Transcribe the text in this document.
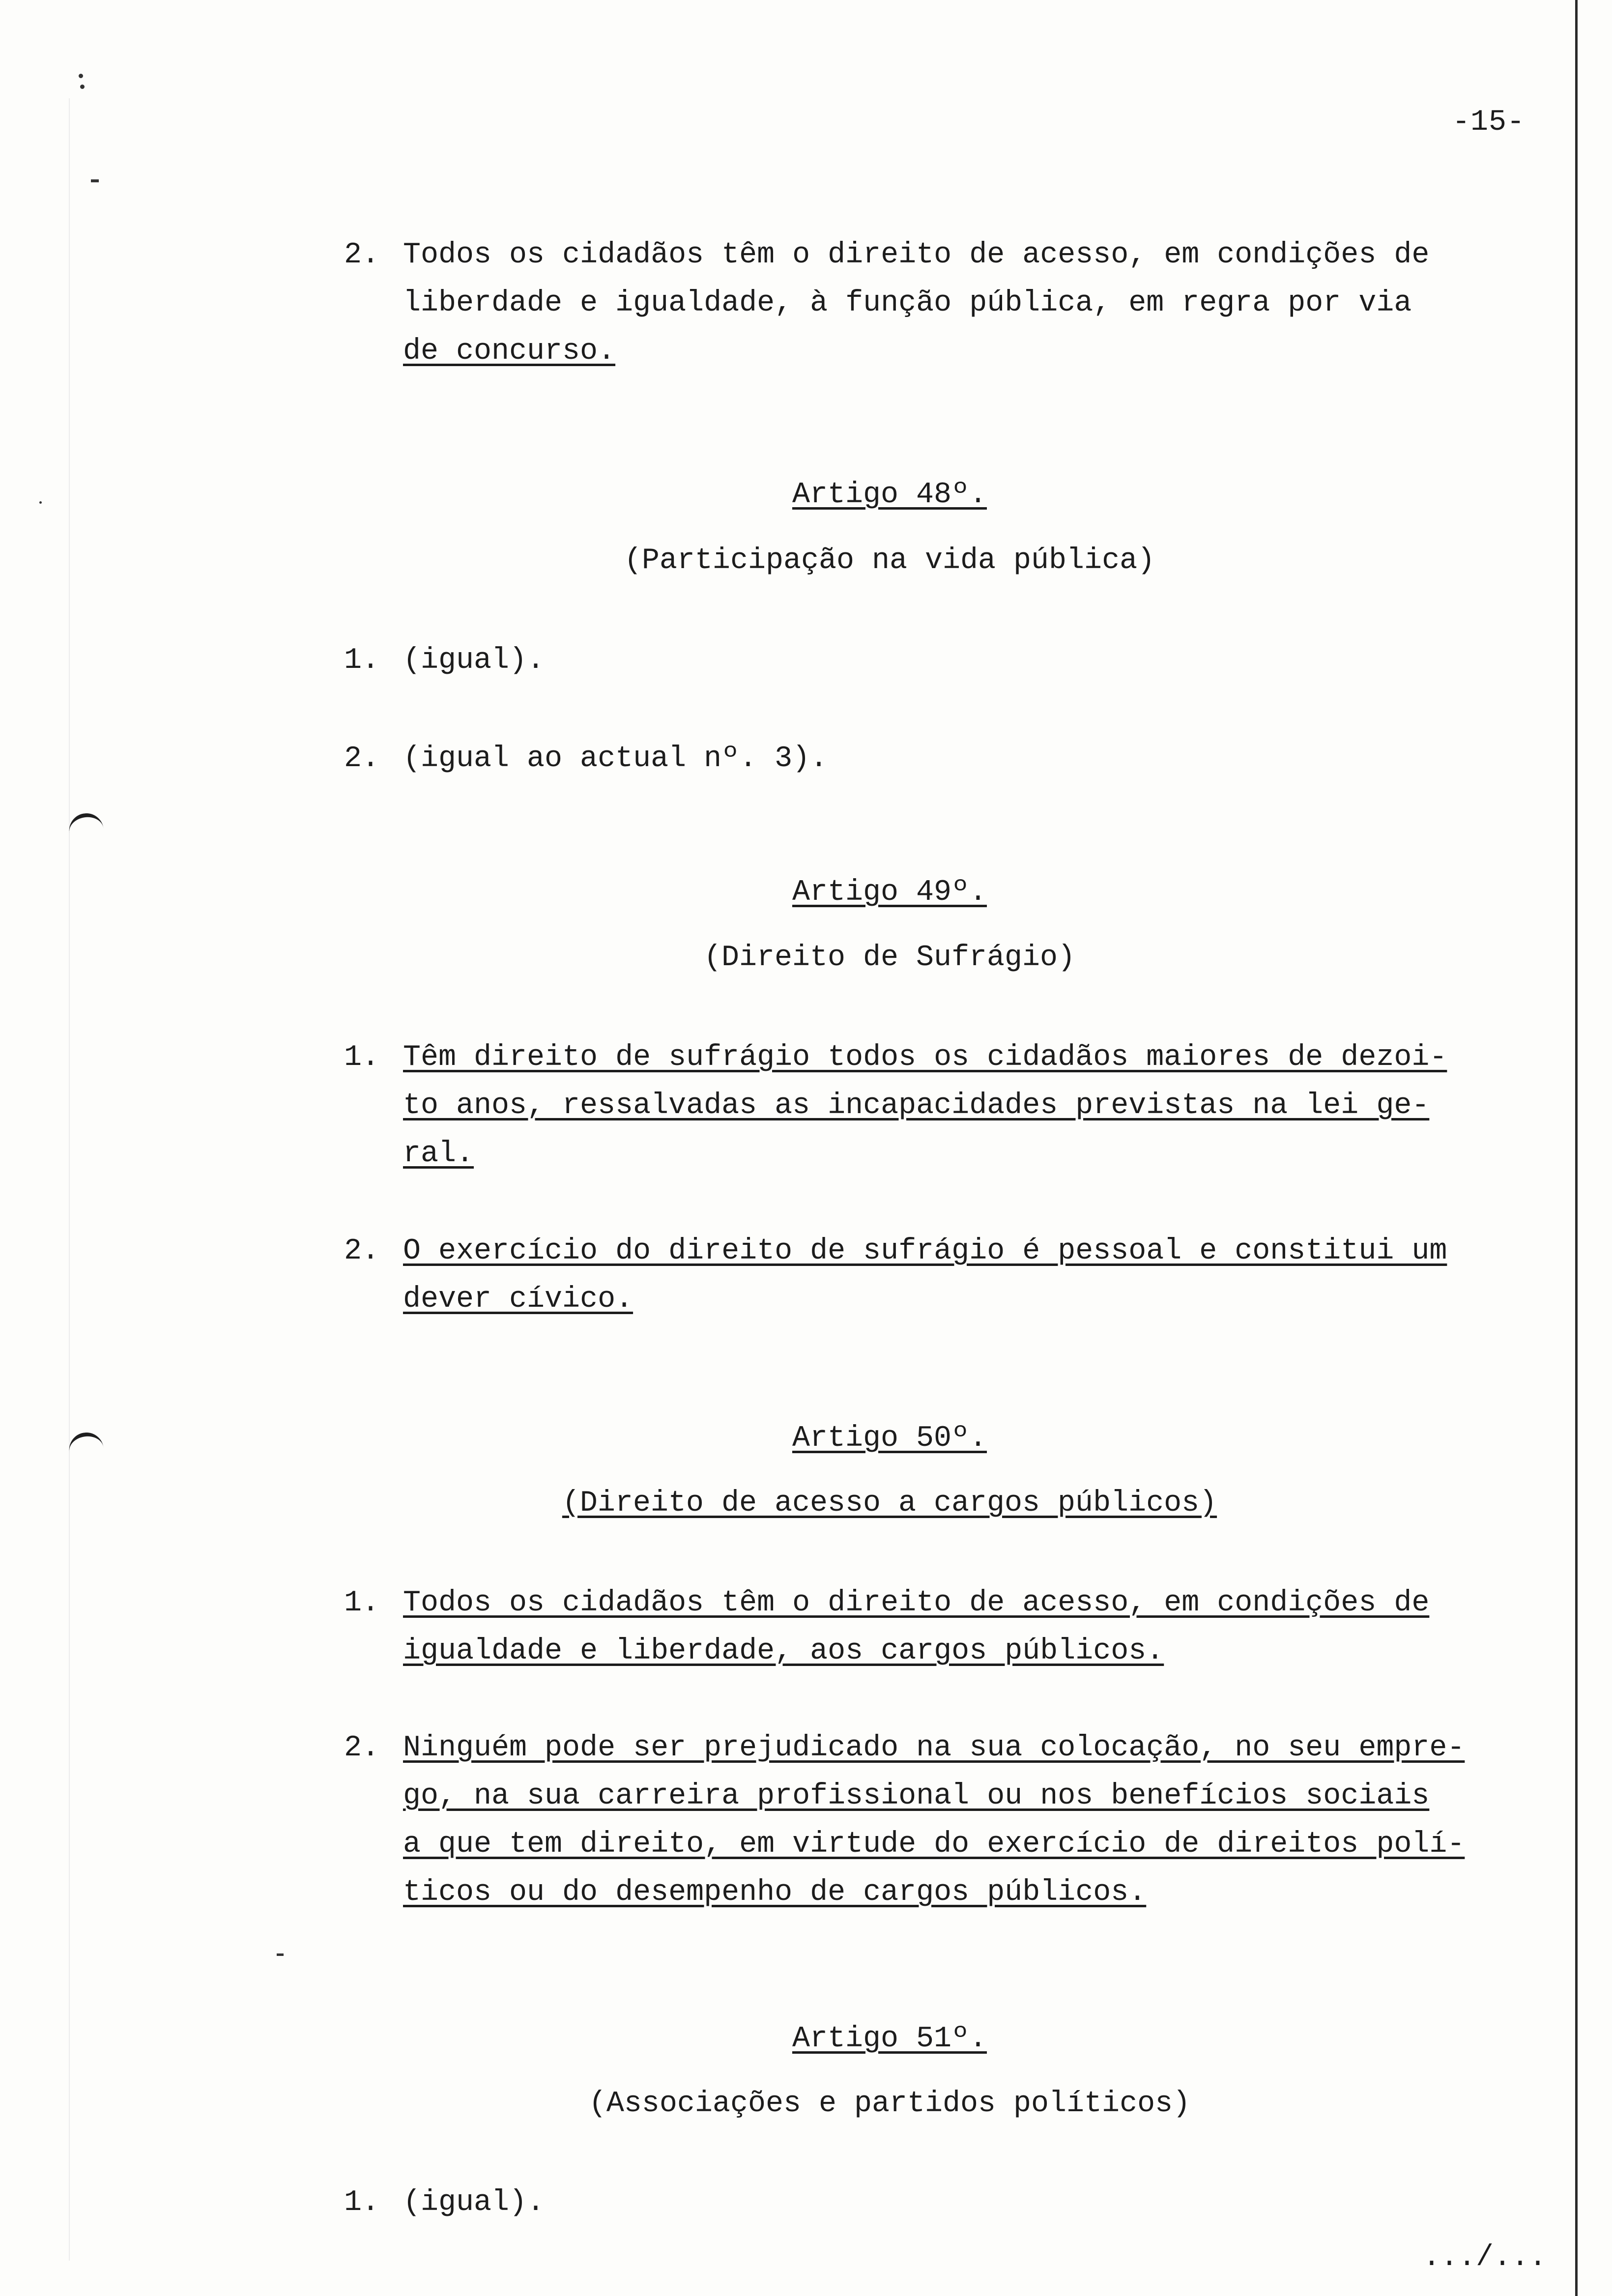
-15-
2. Todos os cidadãos têm o direito de acesso, em condições de
liberdade e igualdade, à função pública, em regra por via
de concurso.
Artigo 48º.
(Participação na vida pública)
1. (igual).
2. (igual ao actual nº. 3).
Artigo 49º.
(Direito de Sufrágio)
1. Têm direito de sufrágio todos os cidadãos maiores de dezoi-
to anos, ressalvadas as incapacidades previstas na lei ge-
ral.
2. O exercício do direito de sufrágio é pessoal e constitui um
dever cívico.
Artigo 50º.
(Direito de acesso a cargos públicos)
1. Todos os cidadãos têm o direito de acesso, em condições de
igualdade e liberdade, aos cargos públicos.
2. Ninguém pode ser prejudicado na sua colocação, no seu empre-
go, na sua carreira profissional ou nos benefícios sociais
a que tem direito, em virtude do exercício de direitos polí-
ticos ou do desempenho de cargos públicos.
Artigo 51º.
(Associações e partidos políticos)
1. (igual).
.../...
